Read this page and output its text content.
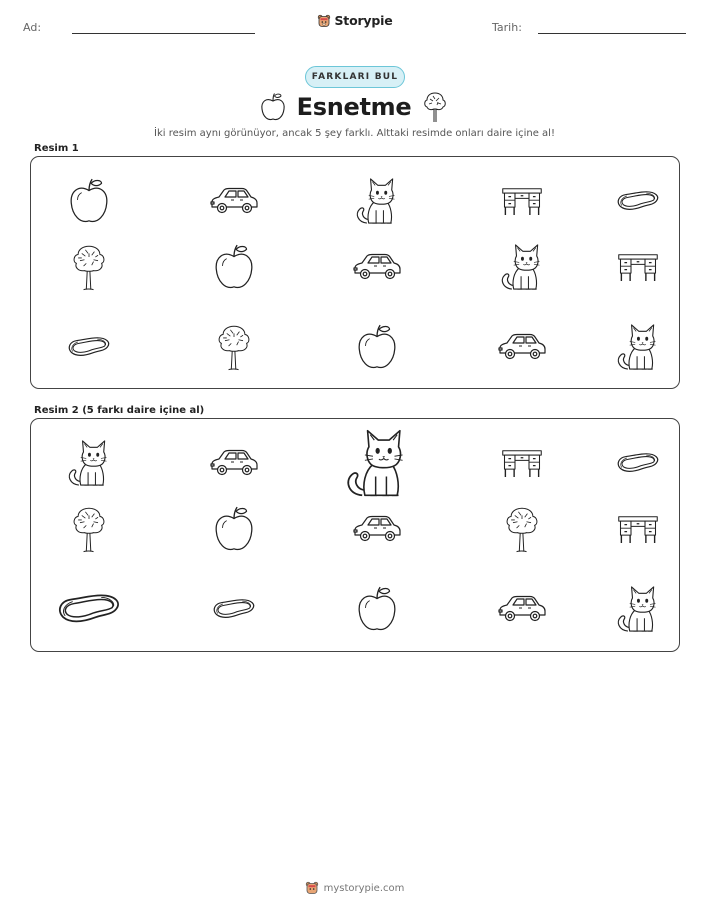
Ad:	Tarih:
Storypie
FARKLARI BUL
Esnetme
İki resim aynı görünüyor, ancak 5 şey farklı. Alttaki resimde onları daire içine al!
Resim 1
Resim 2 (5 farkı daire içine al)
mystorypie.com
